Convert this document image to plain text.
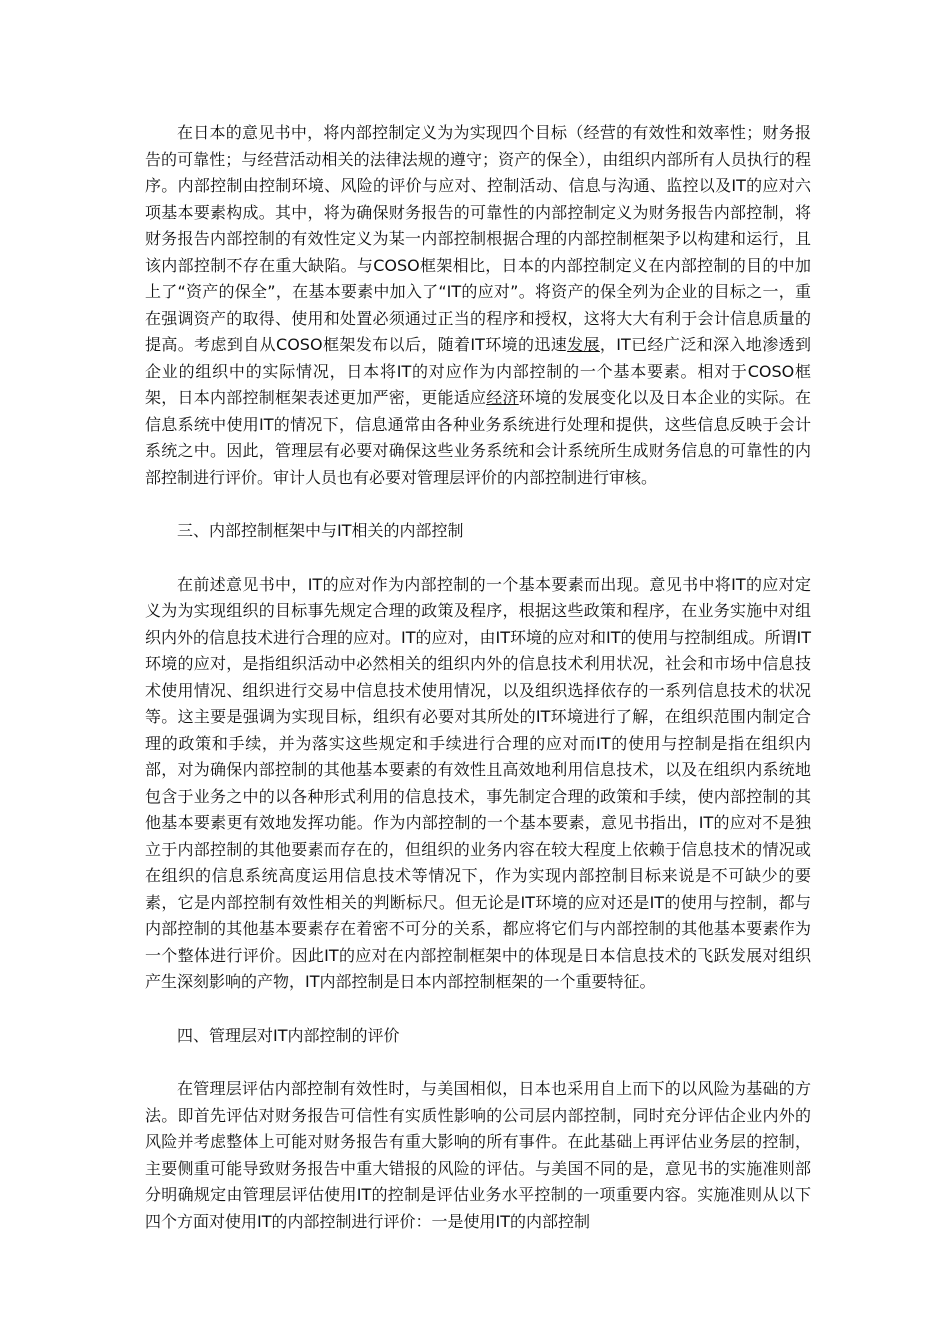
在日本的意见书中，将内部控制定义为为实现四个目标（经营的有效性和效率性；财务报告的可靠性；与经营活动相关的法律法规的遵守；资产的保全），由组织内部所有人员执行的程序。内部控制由控制环境、风险的评价与应对、控制活动、信息与沟通、监控以及IT的应对六项基本要素构成。其中，将为确保财务报告的可靠性的内部控制定义为财务报告内部控制，将财务报告内部控制的有效性定义为某一内部控制根据合理的内部控制框架予以构建和运行，且该内部控制不存在重大缺陷。与COSO框架相比，日本的内部控制定义在内部控制的目的中加上了“资产的保全”，在基本要素中加入了“IT的应对”。将资产的保全列为企业的目标之一，重在强调资产的取得、使用和处置必须通过正当的程序和授权，这将大大有利于会计信息质量的提高。考虑到自从COSO框架发布以后，随着IT环境的迅速发展，IT已经广泛和深入地渗透到企业的组织中的实际情况，日本将IT的对应作为内部控制的一个基本要素。相对于COSO框架，日本内部控制框架表述更加严密，更能适应经济环境的发展变化以及日本企业的实际。在信息系统中使用IT的情况下，信息通常由各种业务系统进行处理和提供，这些信息反映于会计系统之中。因此，管理层有必要对确保这些业务系统和会计系统所生成财务信息的可靠性的内部控制进行评价。审计人员也有必要对管理层评价的内部控制进行审核。

三、内部控制框架中与IT相关的内部控制

在前述意见书中，IT的应对作为内部控制的一个基本要素而出现。意见书中将IT的应对定义为为实现组织的目标事先规定合理的政策及程序，根据这些政策和程序，在业务实施中对组织内外的信息技术进行合理的应对。IT的应对，由IT环境的应对和IT的使用与控制组成。所谓IT环境的应对，是指组织活动中必然相关的组织内外的信息技术利用状况，社会和市场中信息技术使用情况、组织进行交易中信息技术使用情况，以及组织选择依存的一系列信息技术的状况等。这主要是强调为实现目标，组织有必要对其所处的IT环境进行了解，在组织范围内制定合理的政策和手续，并为落实这些规定和手续进行合理的应对而IT的使用与控制是指在组织内部，对为确保内部控制的其他基本要素的有效性且高效地利用信息技术，以及在组织内系统地包含于业务之中的以各种形式利用的信息技术，事先制定合理的政策和手续，使内部控制的其他基本要素更有效地发挥功能。作为内部控制的一个基本要素，意见书指出，IT的应对不是独立于内部控制的其他要素而存在的，但组织的业务内容在较大程度上依赖于信息技术的情况或在组织的信息系统高度运用信息技术等情况下，作为实现内部控制目标来说是不可缺少的要素，它是内部控制有效性相关的判断标尺。但无论是IT环境的应对还是IT的使用与控制，都与内部控制的其他基本要素存在着密不可分的关系，都应将它们与内部控制的其他基本要素作为一个整体进行评价。因此IT的应对在内部控制框架中的体现是日本信息技术的飞跃发展对组织产生深刻影响的产物，IT内部控制是日本内部控制框架的一个重要特征。

四、管理层对IT内部控制的评价

在管理层评估内部控制有效性时，与美国相似，日本也采用自上而下的以风险为基础的方法。即首先评估对财务报告可信性有实质性影响的公司层内部控制，同时充分评估企业内外的风险并考虑整体上可能对财务报告有重大影响的所有事件。在此基础上再评估业务层的控制，主要侧重可能导致财务报告中重大错报的风险的评估。与美国不同的是，意见书的实施准则部分明确规定由管理层评估使用IT的控制是评估业务水平控制的一项重要内容。实施准则从以下四个方面对使用IT的内部控制进行评价：一是使用IT的内部控制
